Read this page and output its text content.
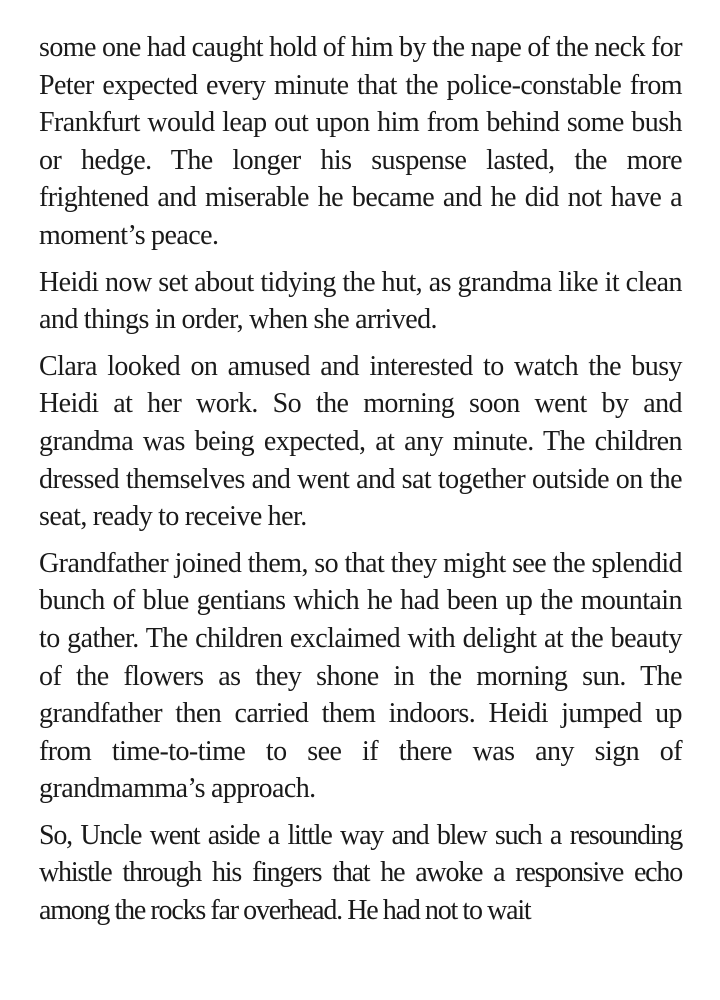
some one had caught hold of him by the nape of the neck for Peter expected every minute that the police-constable from Frankfurt would leap out upon him from behind some bush or hedge. The longer his suspense lasted, the more frightened and miserable he became and he did not have a moment’s peace.

Heidi now set about tidying the hut, as grandma like it clean and things in order, when she arrived.

Clara looked on amused and interested to watch the busy Heidi at her work. So the morning soon went by and grandma was being expected, at any minute. The children dressed themselves and went and sat together outside on the seat, ready to receive her.

Grandfather joined them, so that they might see the splendid bunch of blue gentians which he had been up the mountain to gather. The children exclaimed with delight at the beauty of the flowers as they shone in the morning sun. The grandfather then carried them indoors. Heidi jumped up from time-to-time to see if there was any sign of grandmamma’s approach.

So, Uncle went aside a little way and blew such a resounding whistle through his fingers that he awoke a responsive echo among the rocks far overhead. He had not to wait
